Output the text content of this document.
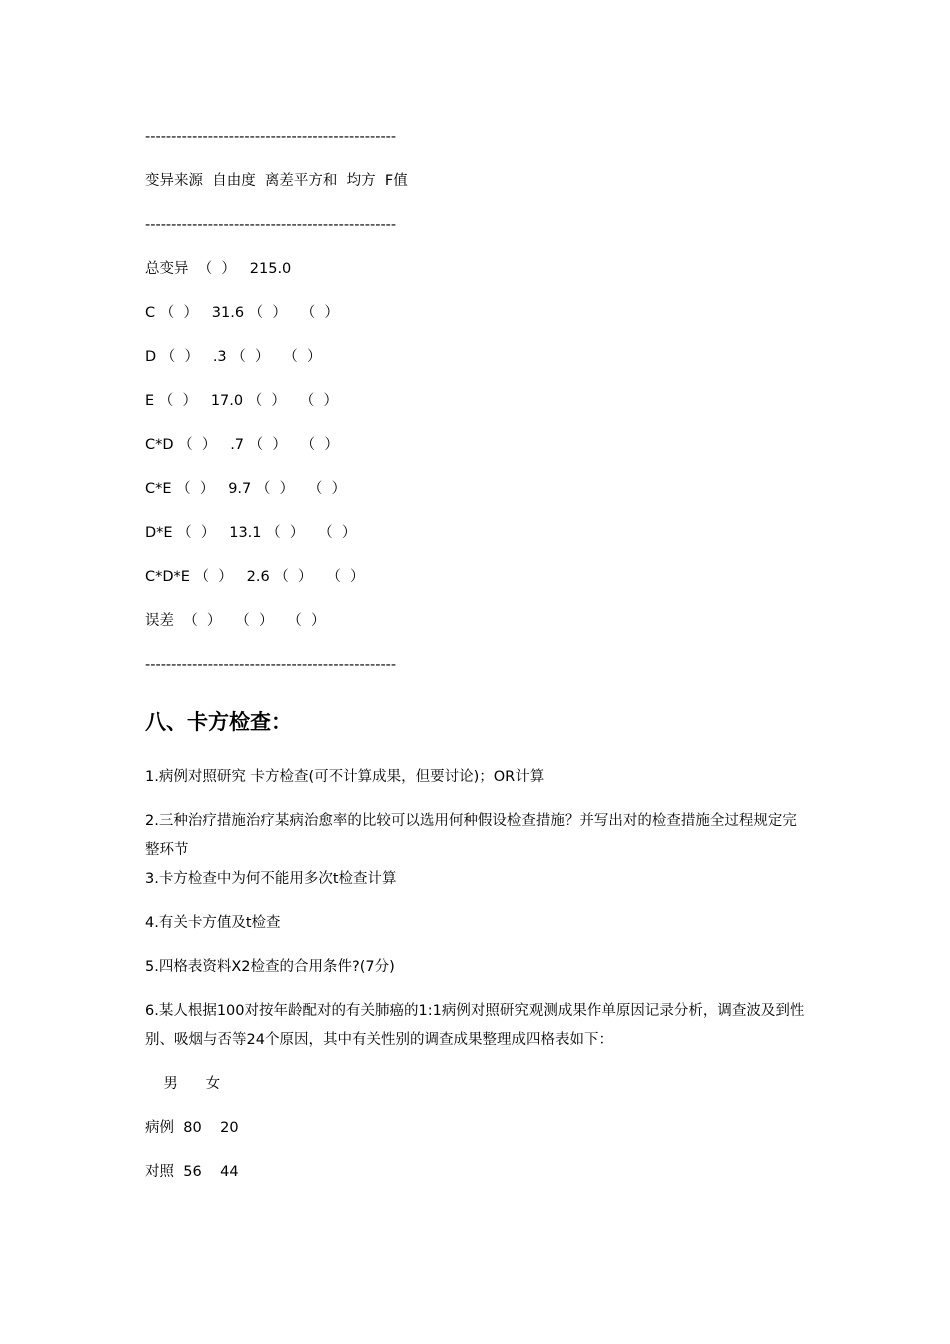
------------------------------------------------
变异来源  自由度  离差平方和  均方  F值
------------------------------------------------
总变异  （  ）   215.0
C （  ）   31.6 （  ）   （  ）
D （  ）   .3 （  ）   （  ）
E （  ）   17.0 （  ）   （  ）
C*D （  ）   .7 （  ）   （  ）
C*E （  ）   9.7 （  ）   （  ）
D*E （  ）   13.1 （  ）   （  ）
C*D*E （  ）   2.6 （  ）   （  ）
误差  （  ）   （  ）   （  ）
------------------------------------------------
八、卡方检查：
1.病例对照研究 卡方检查(可不计算成果，但要讨论)；OR计算
2.三种治疗措施治疗某病治愈率的比较可以选用何种假设检查措施？并写出对的检查措施全过程规定完整环节
3.卡方检查中为何不能用多次t检查计算
4.有关卡方值及t检查
5.四格表资料X2检查的合用条件?(7分)
6.某人根据100对按年龄配对的有关肺癌的1:1病例对照研究观测成果作单原因记录分析，调查波及到性别、吸烟与否等24个原因，其中有关性别的调查成果整理成四格表如下：
男      女
病例  80    20
对照  56    44
